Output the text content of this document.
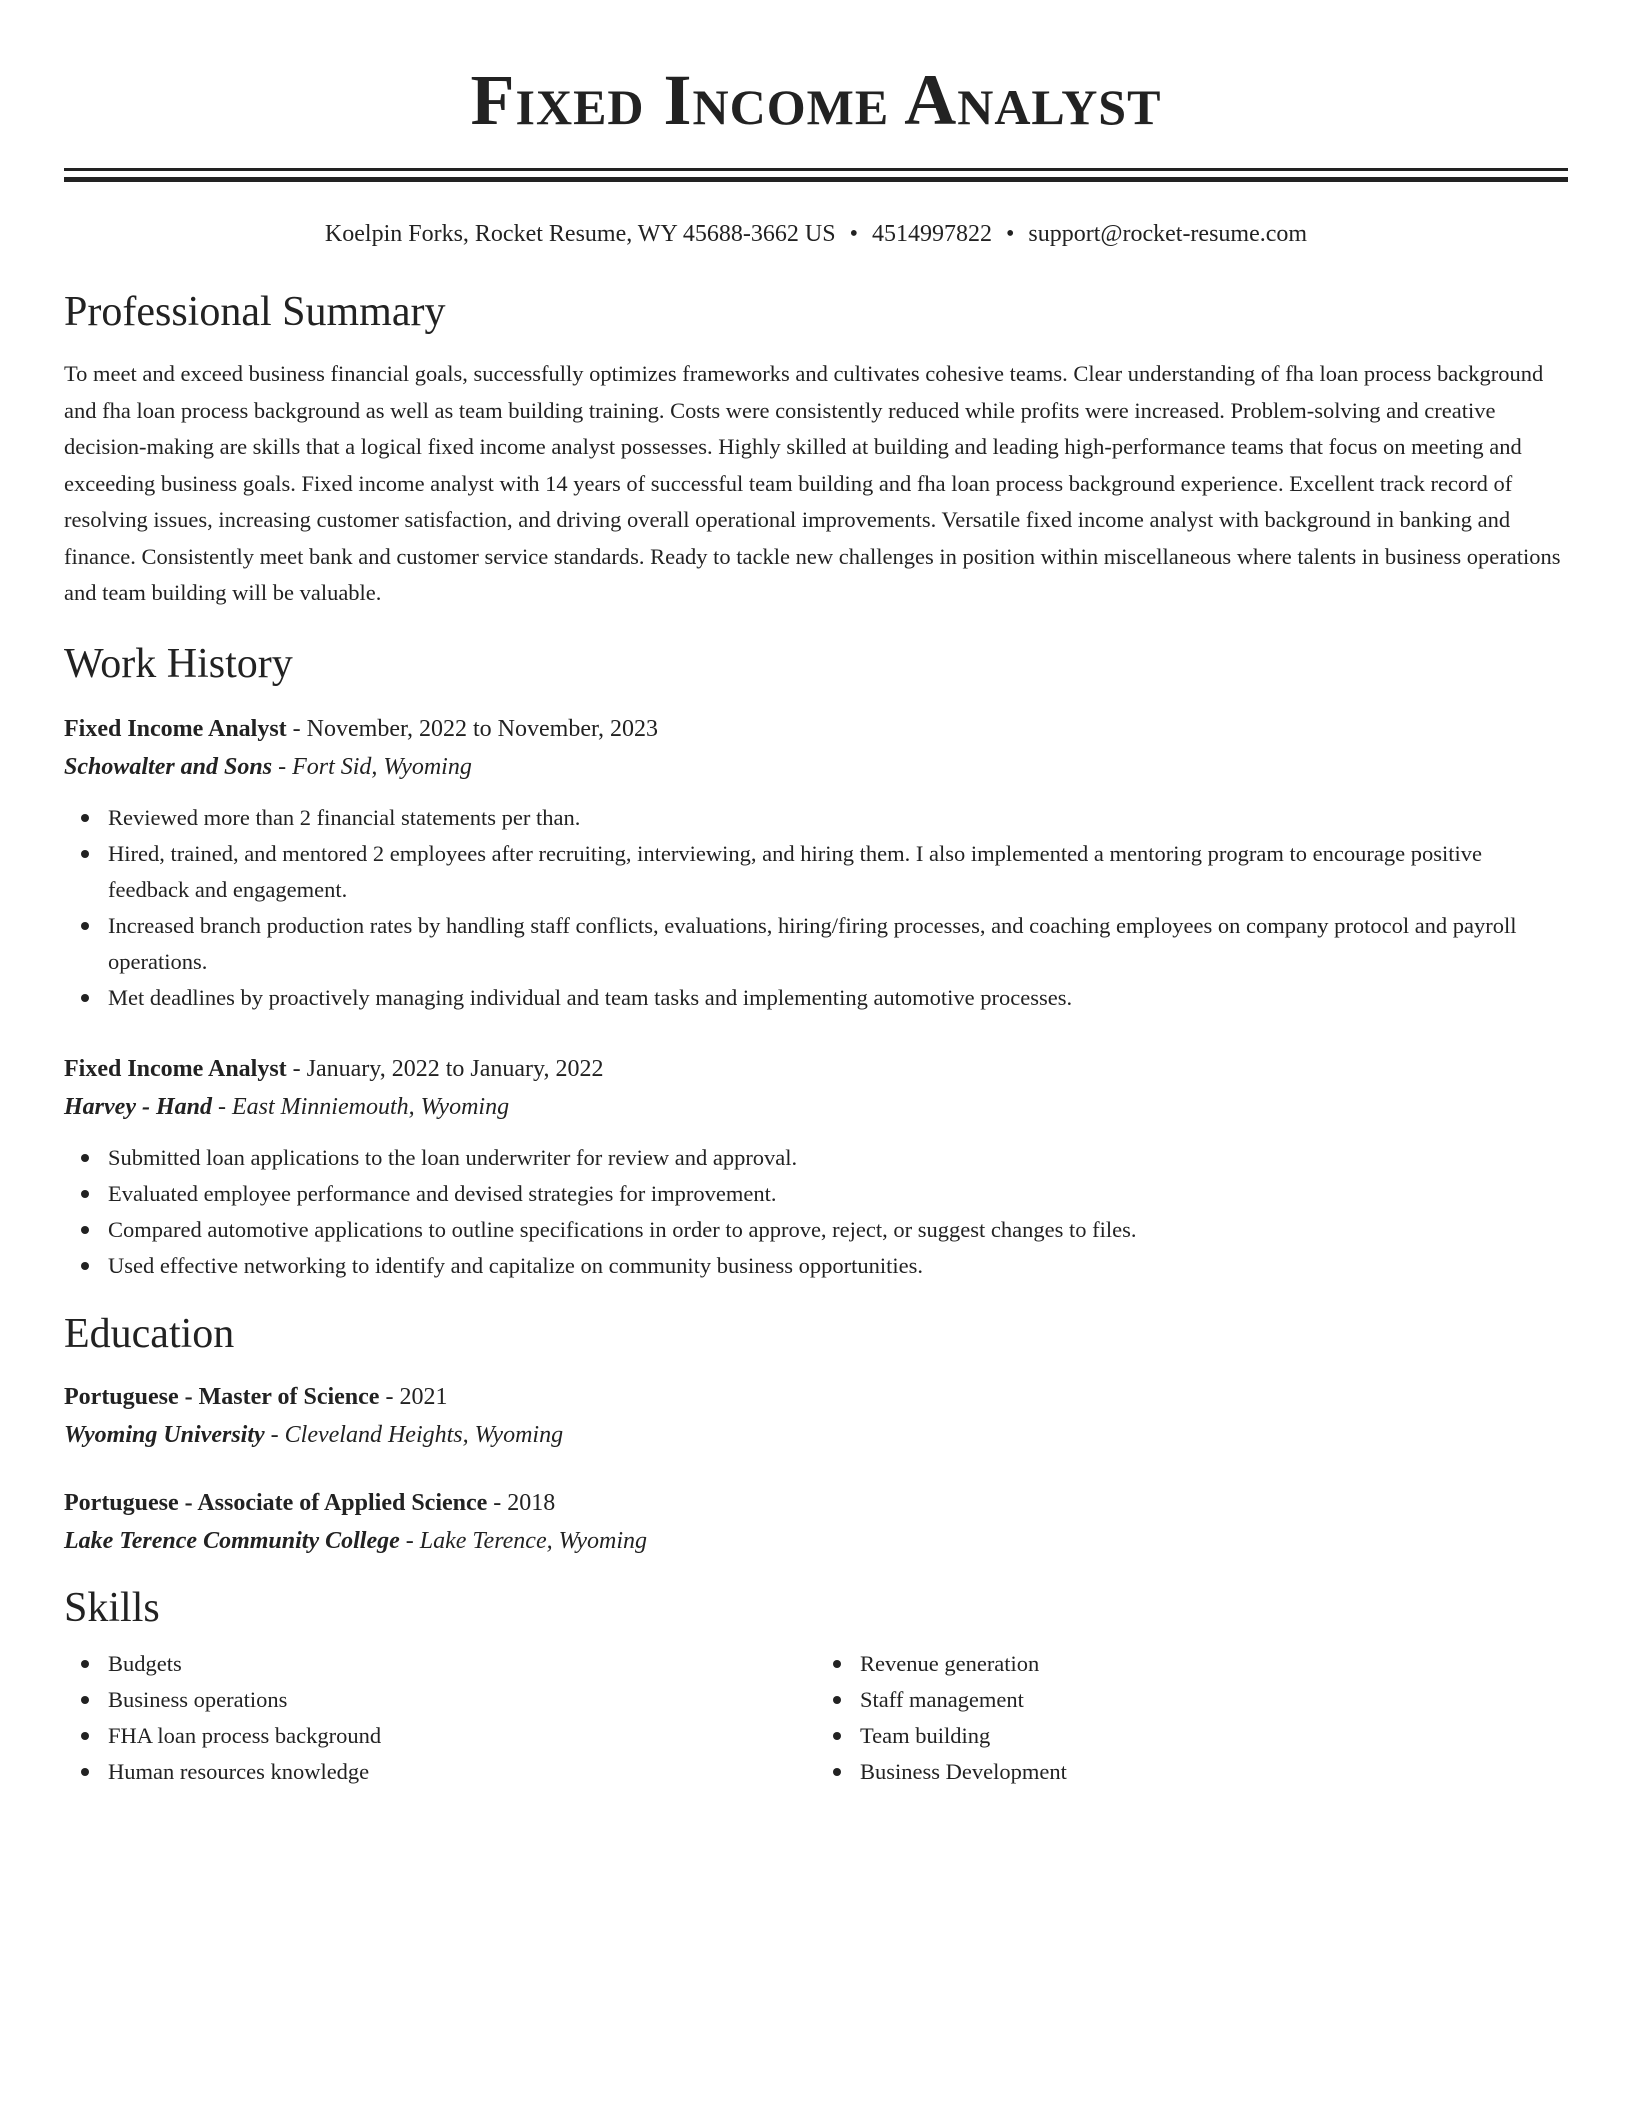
Fixed Income Analyst
Koelpin Forks, Rocket Resume, WY 45688-3662 US • 4514997822 • support@rocket-resume.com
Professional Summary

To meet and exceed business financial goals, successfully optimizes frameworks and cultivates cohesive teams. Clear understanding of fha loan process background and fha loan process background as well as team building training. Costs were consistently reduced while profits were increased. Problem-solving and creative decision-making are skills that a logical fixed income analyst possesses. Highly skilled at building and leading high-performance teams that focus on meeting and exceeding business goals. Fixed income analyst with 14 years of successful team building and fha loan process background experience. Excellent track record of resolving issues, increasing customer satisfaction, and driving overall operational improvements. Versatile fixed income analyst with background in banking and finance. Consistently meet bank and customer service standards. Ready to tackle new challenges in position within miscellaneous where talents in business operations and team building will be valuable.

Work History
Fixed Income Analyst - November, 2022 to November, 2023
Schowalter and Sons - Fort Sid, Wyoming
Reviewed more than 2 financial statements per than.
Hired, trained, and mentored 2 employees after recruiting, interviewing, and hiring them. I also implemented a mentoring program to encourage positive feedback and engagement.
Increased branch production rates by handling staff conflicts, evaluations, hiring/firing processes, and coaching employees on company protocol and payroll operations.
Met deadlines by proactively managing individual and team tasks and implementing automotive processes.
Fixed Income Analyst - January, 2022 to January, 2022
Harvey - Hand - East Minniemouth, Wyoming
Submitted loan applications to the loan underwriter for review and approval.
Evaluated employee performance and devised strategies for improvement.
Compared automotive applications to outline specifications in order to approve, reject, or suggest changes to files.
Used effective networking to identify and capitalize on community business opportunities.
Education
Portuguese - Master of Science - 2021
Wyoming University - Cleveland Heights, Wyoming
Portuguese - Associate of Applied Science - 2018
Lake Terence Community College - Lake Terence, Wyoming
Skills
Budgets
Business operations
FHA loan process background
Human resources knowledge
Revenue generation
Staff management
Team building
Business Development
